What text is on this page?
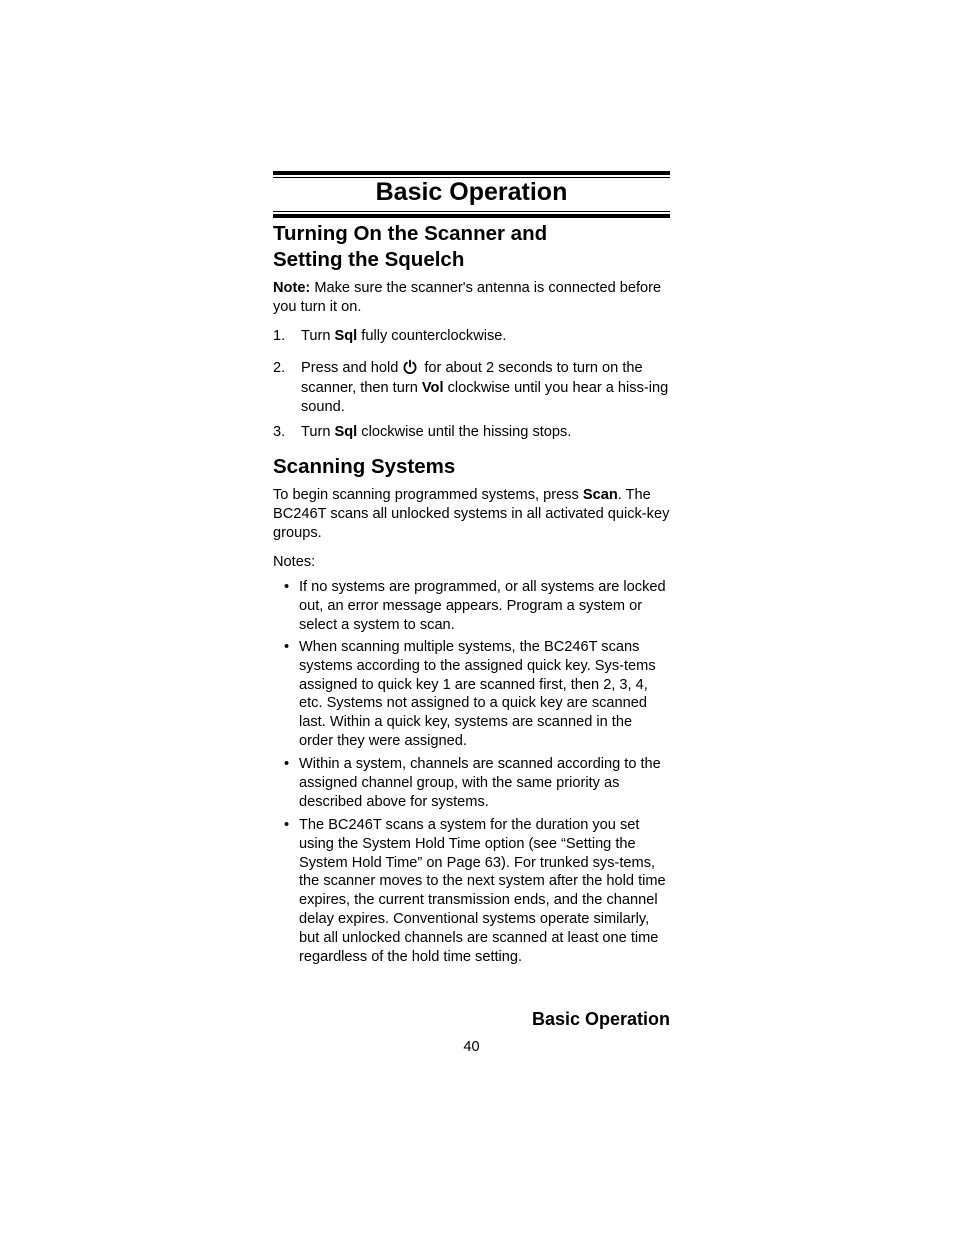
Basic Operation
Turning On the Scanner and
Setting the Squelch
Note: Make sure the scanner's antenna is connected before you turn it on.
1. Turn Sql fully counterclockwise.
2. Press and hold for about 2 seconds to turn on the scanner, then turn Vol clockwise until you hear a hiss-ing sound.
3. Turn Sql clockwise until the hissing stops.
Scanning Systems
To begin scanning programmed systems, press Scan. The BC246T scans all unlocked systems in all activated quick-key groups.
Notes:
• If no systems are programmed, or all systems are locked out, an error message appears. Program a system or select a system to scan.
• When scanning multiple systems, the BC246T scans systems according to the assigned quick key. Sys-tems assigned to quick key 1 are scanned first, then 2, 3, 4, etc. Systems not assigned to a quick key are scanned last. Within a quick key, systems are scanned in the order they were assigned.
• Within a system, channels are scanned according to the assigned channel group, with the same priority as described above for systems.
• The BC246T scans a system for the duration you set using the System Hold Time option (see “Setting the System Hold Time” on Page 63). For trunked sys-tems, the scanner moves to the next system after the hold time expires, the current transmission ends, and the channel delay expires. Conventional systems operate similarly, but all unlocked channels are scanned at least one time regardless of the hold time setting.
Basic Operation
40
